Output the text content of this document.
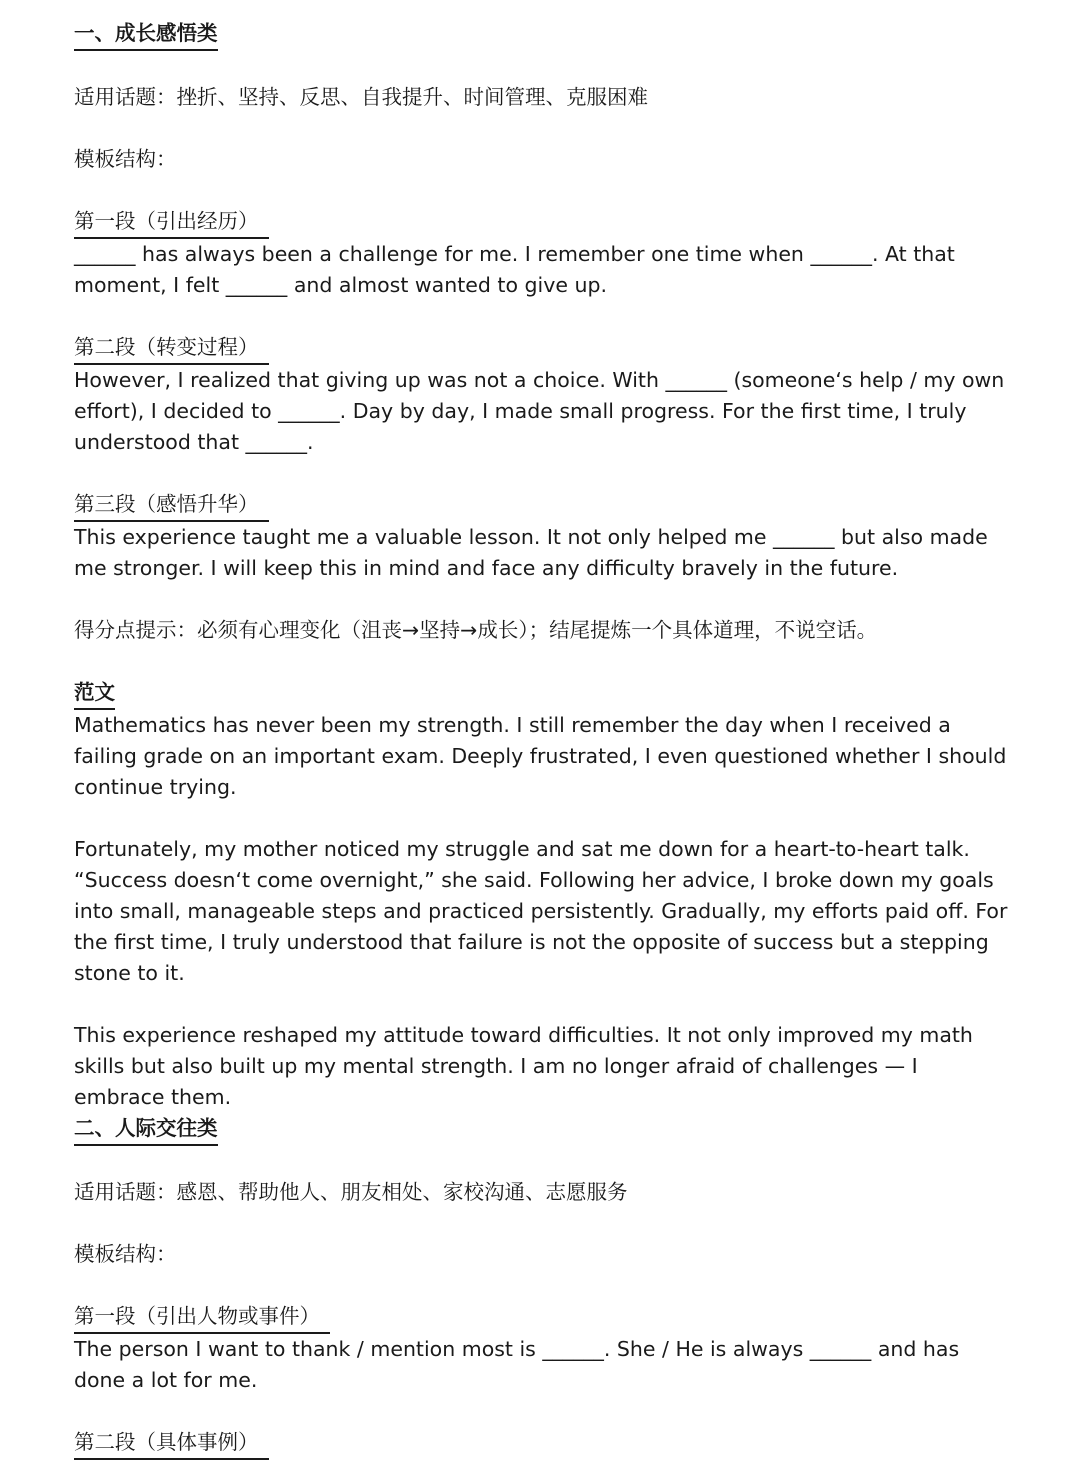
一、成长感悟类
适用话题：挫折、坚持、反思、自我提升、时间管理、克服困难
模板结构：
第一段（引出经历）
______ has always been a challenge for me. I remember one time when ______. At that moment, I felt ______ and almost wanted to give up.
第二段（转变过程）
However, I realized that giving up was not a choice. With ______ (someone‘s help / my own effort), I decided to ______. Day by day, I made small progress. For the first time, I truly understood that ______.
第三段（感悟升华）
This experience taught me a valuable lesson. It not only helped me ______ but also made me stronger. I will keep this in mind and face any difficulty bravely in the future.
得分点提示：必须有心理变化（沮丧→坚持→成长）；结尾提炼一个具体道理，不说空话。
范文
Mathematics has never been my strength. I still remember the day when I received a failing grade on an important exam. Deeply frustrated, I even questioned whether I should continue trying.
Fortunately, my mother noticed my struggle and sat me down for a heart-to-heart talk. “Success doesn‘t come overnight,” she said. Following her advice, I broke down my goals into small, manageable steps and practiced persistently. Gradually, my efforts paid off. For the first time, I truly understood that failure is not the opposite of success but a stepping stone to it.
This experience reshaped my attitude toward difficulties. It not only improved my math skills but also built up my mental strength. I am no longer afraid of challenges — I embrace them.
二、人际交往类
适用话题：感恩、帮助他人、朋友相处、家校沟通、志愿服务
模板结构：
第一段（引出人物或事件）
The person I want to thank / mention most is ______. She / He is always ______ and has done a lot for me.
第二段（具体事例）
